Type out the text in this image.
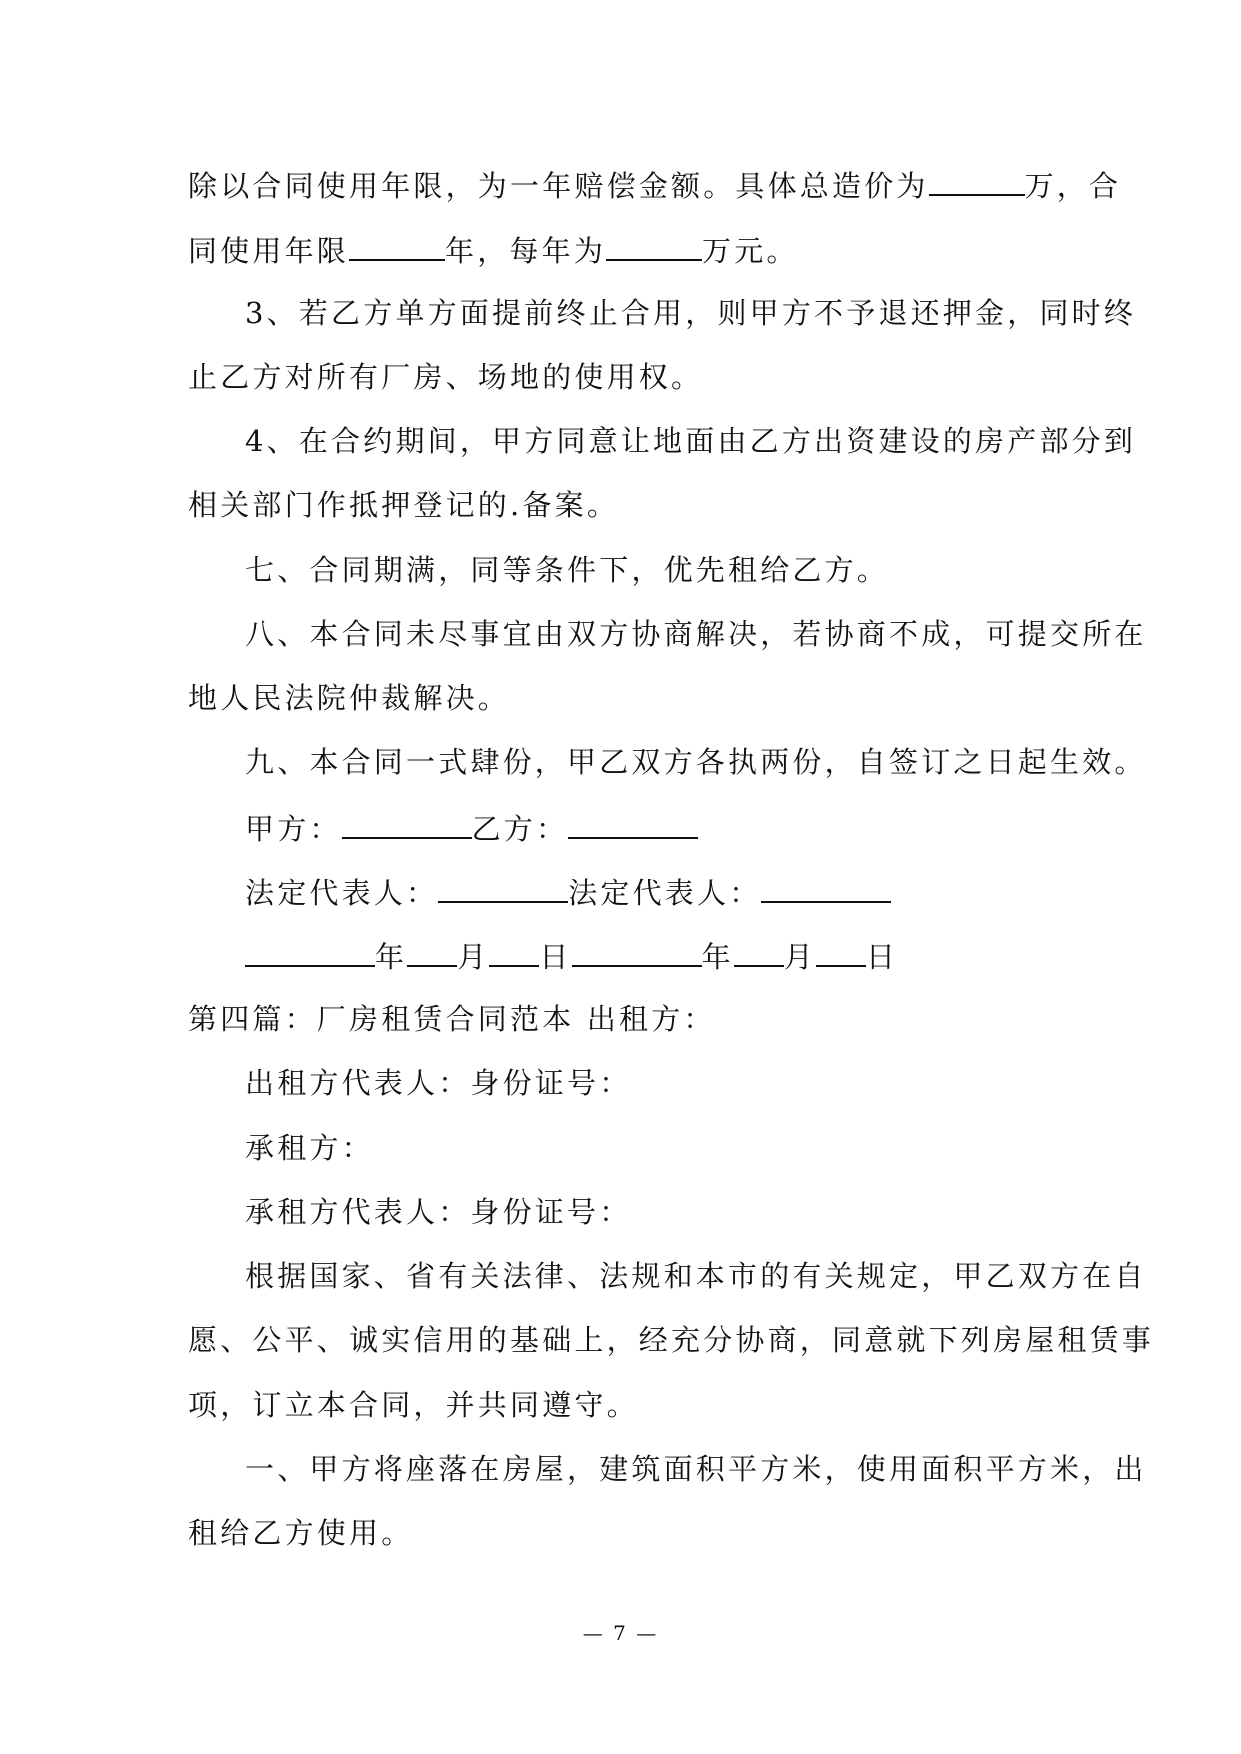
除以合同使用年限，为一年赔偿金额。具体总造价为	万，合
同使用年限	年，每年为	万元。
3、若乙方单方面提前终止合用，则甲方不予退还押金，同时终
止乙方对所有厂房、场地的使用权。
4、在合约期间，甲方同意让地面由乙方出资建设的房产部分到
相关部门作抵押登记的.备案。
七、合同期满，同等条件下，优先租给乙方。
八、本合同未尽事宜由双方协商解决，若协商不成，可提交所在
地人民法院仲裁解决。
九、本合同一式肆份，甲乙双方各执两份，自签订之日起生效。
甲方：	乙方：
法定代表人：	法定代表人：
年 月 日	年 月 日
第四篇：厂房租赁合同范本 出租方：
出租方代表人：身份证号：
承租方：
承租方代表人：身份证号：
根据国家、省有关法律、法规和本市的有关规定，甲乙双方在自
愿、公平、诚实信用的基础上，经充分协商，同意就下列房屋租赁事
项，订立本合同，并共同遵守。
一、甲方将座落在房屋，建筑面积平方米，使用面积平方米，出
租给乙方使用。
— 7 —
